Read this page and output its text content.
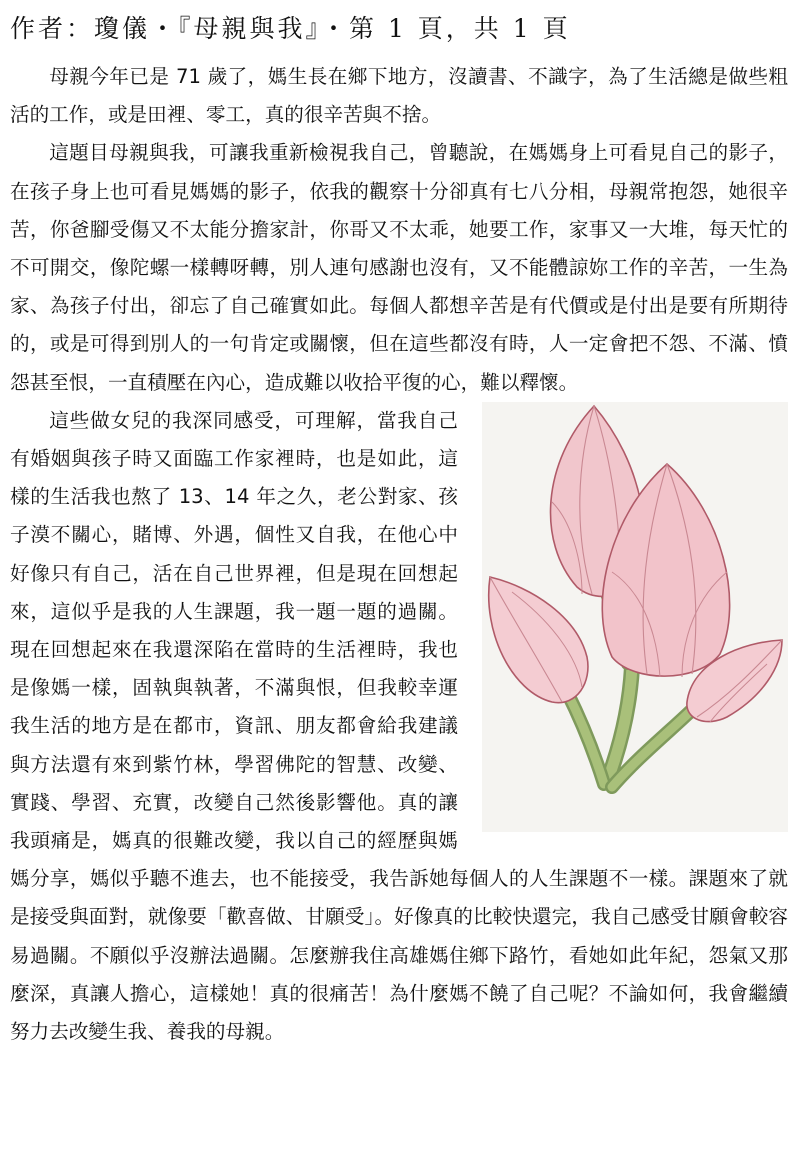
作者：瓊儀・『母親與我』・第 1 頁，共 1 頁

母親今年已是 71 歲了，媽生長在鄉下地方，沒讀書、不識字，為了生活總是做些粗活的工作，或是田裡、零工，真的很辛苦與不捨。

這題目母親與我，可讓我重新檢視我自己，曾聽說，在媽媽身上可看見自己的影子，在孩子身上也可看見媽媽的影子，依我的觀察十分卻真有七八分相，母親常抱怨，她很辛苦，你爸腳受傷又不太能分擔家計，你哥又不太乖，她要工作，家事又一大堆，每天忙的不可開交，像陀螺一樣轉呀轉，別人連句感謝也沒有，又不能體諒妳工作的辛苦，一生為家、為孩子付出，卻忘了自己確實如此。每個人都想辛苦是有代價或是付出是要有所期待的，或是可得到別人的一句肯定或關懷，但在這些都沒有時，人一定會把不怨、不滿、憤怨甚至恨，一直積壓在內心，造成難以收拾平復的心，難以釋懷。

這些做女兒的我深同感受，可理解，當我自己有婚姻與孩子時又面臨工作家裡時，也是如此，這樣的生活我也熬了 13、14 年之久，老公對家、孩子漠不關心，賭博、外遇，個性又自我，在他心中好像只有自己，活在自己世界裡，但是現在回想起來，這似乎是我的人生課題，我一題一題的過關。現在回想起來在我還深陷在當時的生活裡時，我也是像媽一樣，固執與執著，不滿與恨，但我較幸運我生活的地方是在都市，資訊、朋友都會給我建議與方法還有來到紫竹林，學習佛陀的智慧、改變、實踐、學習、充實，改變自己然後影響他。真的讓我頭痛是，媽真的很難改變，我以自己的經歷與媽媽分享，媽似乎聽不進去，也不能接受，我告訴她每個人的人生課題不一樣。課題來了就是接受與面對，就像要「歡喜做、甘願受」。好像真的比較快還完，我自己感受甘願會較容易過關。不願似乎沒辦法過關。怎麼辦我住高雄媽住鄉下路竹，看她如此年紀，怨氣又那麼深，真讓人擔心，這樣她！真的很痛苦！為什麼媽不饒了自己呢？不論如何，我會繼續努力去改變生我、養我的母親。
